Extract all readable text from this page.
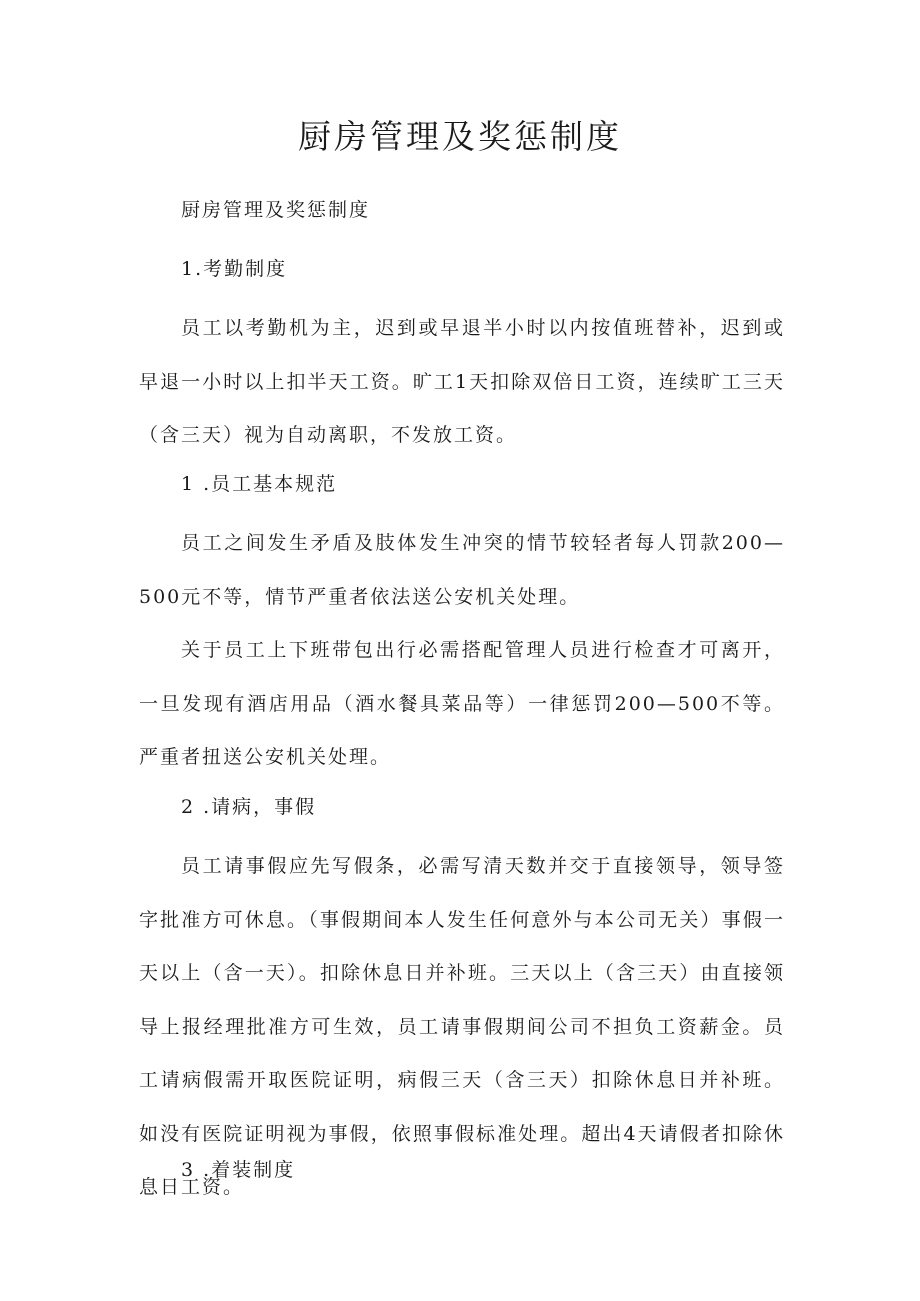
厨房管理及奖惩制度

厨房管理及奖惩制度

1.考勤制度

员工以考勤机为主，迟到或早退半小时以内按值班替补，迟到或早退一小时以上扣半天工资。旷工1天扣除双倍日工资，连续旷工三天（含三天）视为自动离职，不发放工资。

1 .员工基本规范

员工之间发生矛盾及肢体发生冲突的情节较轻者每人罚款200—500元不等，情节严重者依法送公安机关处理。

关于员工上下班带包出行必需搭配管理人员进行检查才可离开，一旦发现有酒店用品（酒水餐具菜品等）一律惩罚200—500不等。严重者扭送公安机关处理。

2 .请病，事假

员工请事假应先写假条，必需写清天数并交于直接领导，领导签字批准方可休息。（事假期间本人发生任何意外与本公司无关）事假一天以上（含一天）。扣除休息日并补班。三天以上（含三天）由直接领导上报经理批准方可生效，员工请事假期间公司不担负工资薪金。员工请病假需开取医院证明，病假三天（含三天）扣除休息日并补班。如没有医院证明视为事假，依照事假标准处理。超出4天请假者扣除休息日工资。

3 .着装制度
